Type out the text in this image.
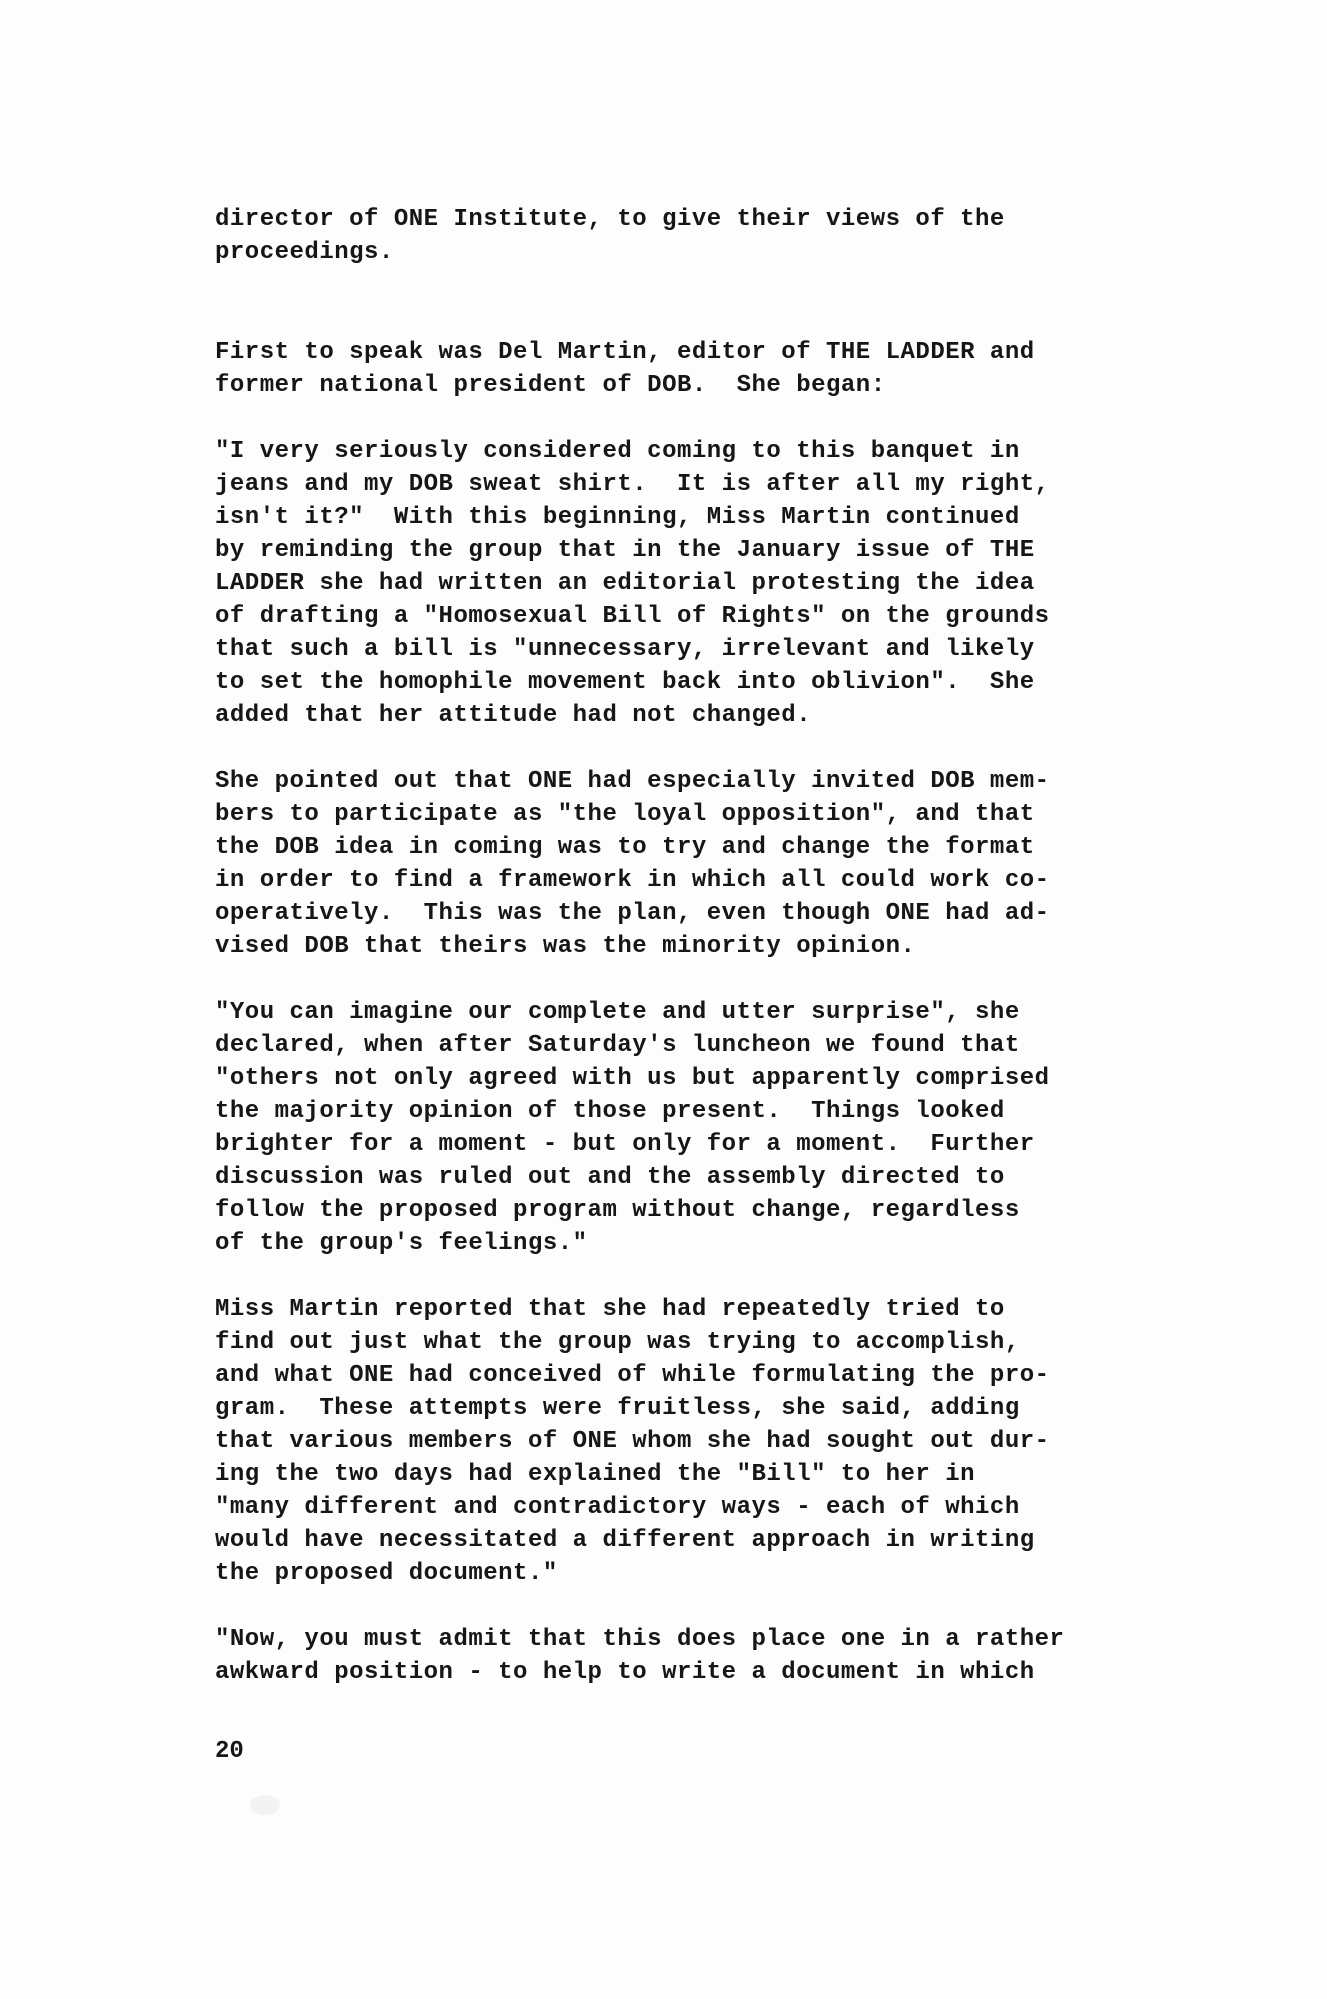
director of ONE Institute, to give their views of the
proceedings.
First to speak was Del Martin, editor of THE LADDER and
former national president of DOB.  She began:
"I very seriously considered coming to this banquet in
jeans and my DOB sweat shirt.  It is after all my right,
isn't it?"  With this beginning, Miss Martin continued
by reminding the group that in the January issue of THE
LADDER she had written an editorial protesting the idea
of drafting a "Homosexual Bill of Rights" on the grounds
that such a bill is "unnecessary, irrelevant and likely
to set the homophile movement back into oblivion".  She
added that her attitude had not changed.
She pointed out that ONE had especially invited DOB mem-
bers to participate as "the loyal opposition", and that
the DOB idea in coming was to try and change the format
in order to find a framework in which all could work co-
operatively.  This was the plan, even though ONE had ad-
vised DOB that theirs was the minority opinion.
"You can imagine our complete and utter surprise", she
declared, when after Saturday's luncheon we found that
"others not only agreed with us but apparently comprised
the majority opinion of those present.  Things looked
brighter for a moment - but only for a moment.  Further
discussion was ruled out and the assembly directed to
follow the proposed program without change, regardless
of the group's feelings."
Miss Martin reported that she had repeatedly tried to
find out just what the group was trying to accomplish,
and what ONE had conceived of while formulating the pro-
gram.  These attempts were fruitless, she said, adding
that various members of ONE whom she had sought out dur-
ing the two days had explained the "Bill" to her in
"many different and contradictory ways - each of which
would have necessitated a different approach in writing
the proposed document."
"Now, you must admit that this does place one in a rather
awkward position - to help to write a document in which
20
